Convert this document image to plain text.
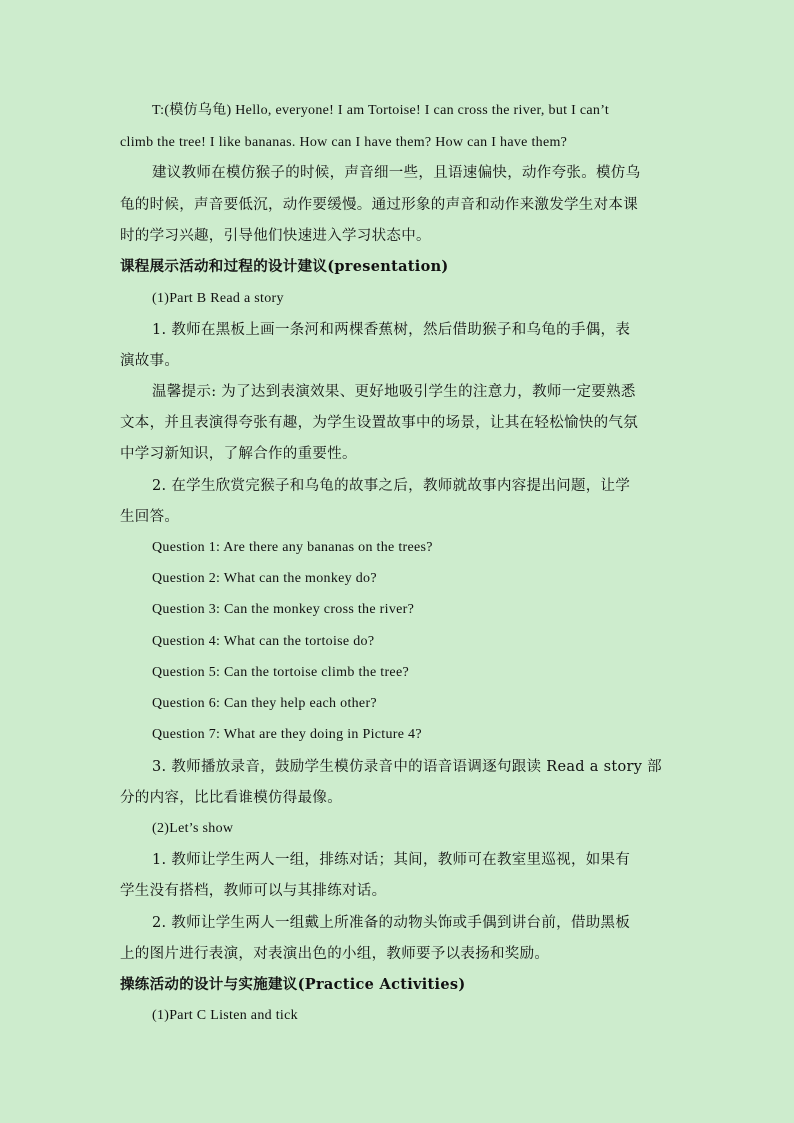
T:(模仿乌龟) Hello, everyone! I am Tortoise! I can cross the river, but I can’t
climb the tree! I like bananas. How can I have them? How can I have them?
建议教师在模仿猴子的时候，声音细一些，且语速偏快，动作夸张。模仿乌
龟的时候，声音要低沉，动作要缓慢。通过形象的声音和动作来激发学生对本课
时的学习兴趣，引导他们快速进入学习状态中。
课程展示活动和过程的设计建议(presentation)
(1)Part B Read a story
1. 教师在黑板上画一条河和两棵香蕉树，然后借助猴子和乌龟的手偶，表
演故事。
温馨提示: 为了达到表演效果、更好地吸引学生的注意力，教师一定要熟悉
文本，并且表演得夸张有趣，为学生设置故事中的场景，让其在轻松愉快的气氛
中学习新知识，了解合作的重要性。
2. 在学生欣赏完猴子和乌龟的故事之后，教师就故事内容提出问题，让学
生回答。
Question 1: Are there any bananas on the trees?
Question 2: What can the monkey do?
Question 3: Can the monkey cross the river?
Question 4: What can the tortoise do?
Question 5: Can the tortoise climb the tree?
Question 6: Can they help each other?
Question 7: What are they doing in Picture 4?
3. 教师播放录音，鼓励学生模仿录音中的语音语调逐句跟读 Read a story 部
分的内容，比比看谁模仿得最像。
(2)Let’s show
1. 教师让学生两人一组，排练对话；其间，教师可在教室里巡视，如果有
学生没有搭档，教师可以与其排练对话。
2. 教师让学生两人一组戴上所准备的动物头饰或手偶到讲台前，借助黑板
上的图片进行表演，对表演出色的小组，教师要予以表扬和奖励。
操练活动的设计与实施建议(Practice Activities)
(1)Part C Listen and tick
